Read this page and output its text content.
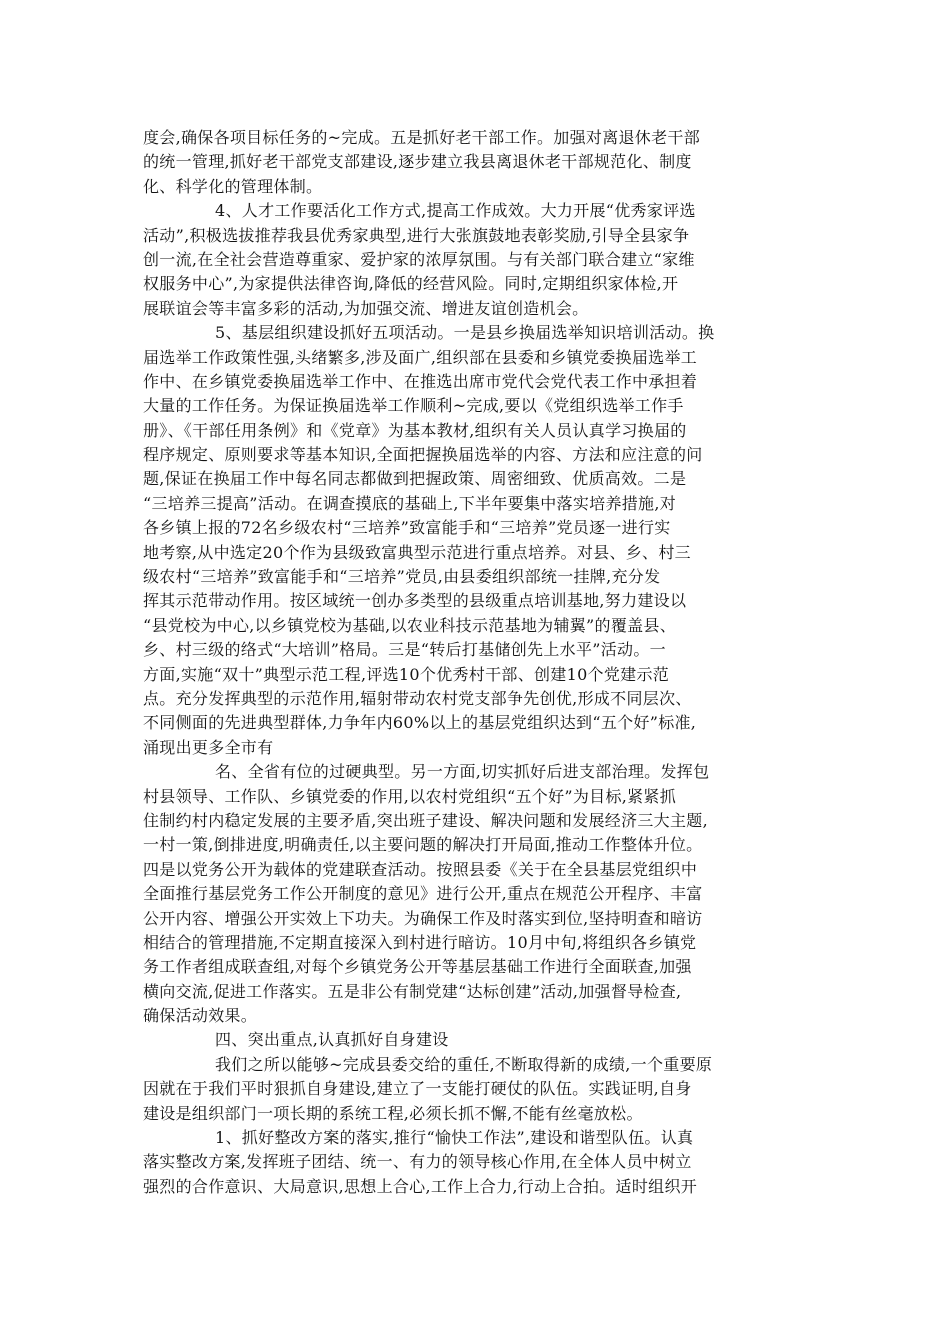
度会,确保各项目标任务的~完成。五是抓好老干部工作。加强对离退休老干部
的统一管理,抓好老干部党支部建设,逐步建立我县离退休老干部规范化、制度
化、科学化的管理体制。
4、人才工作要活化工作方式,提高工作成效。大力开展“优秀家评选
活动”,积极选拔推荐我县优秀家典型,进行大张旗鼓地表彰奖励,引导全县家争
创一流,在全社会营造尊重家、爱护家的浓厚氛围。与有关部门联合建立“家维
权服务中心”,为家提供法律咨询,降低的经营风险。同时,定期组织家体检,开
展联谊会等丰富多彩的活动,为加强交流、增进友谊创造机会。
5、基层组织建设抓好五项活动。一是县乡换届选举知识培训活动。换
届选举工作政策性强,头绪繁多,涉及面广,组织部在县委和乡镇党委换届选举工
作中、在乡镇党委换届选举工作中、在推选出席市党代会党代表工作中承担着
大量的工作任务。为保证换届选举工作顺利~完成,要以《党组织选举工作手
册》、《干部任用条例》和《党章》为基本教材,组织有关人员认真学习换届的
程序规定、原则要求等基本知识,全面把握换届选举的内容、方法和应注意的问
题,保证在换届工作中每名同志都做到把握政策、周密细致、优质高效。二是
“三培养三提高”活动。在调查摸底的基础上,下半年要集中落实培养措施,对
各乡镇上报的72名乡级农村“三培养”致富能手和“三培养”党员逐一进行实
地考察,从中选定20个作为县级致富典型示范进行重点培养。对县、乡、村三
级农村“三培养”致富能手和“三培养”党员,由县委组织部统一挂牌,充分发
挥其示范带动作用。按区域统一创办多类型的县级重点培训基地,努力建设以
“县党校为中心,以乡镇党校为基础,以农业科技示范基地为辅翼”的覆盖县、
乡、村三级的络式“大培训”格局。三是“转后打基储创先上水平”活动。一
方面,实施“双十”典型示范工程,评选10个优秀村干部、创建10个党建示范
点。充分发挥典型的示范作用,辐射带动农村党支部争先创优,形成不同层次、
不同侧面的先进典型群体,力争年内60%以上的基层党组织达到“五个好”标准,
涌现出更多全市有
名、全省有位的过硬典型。另一方面,切实抓好后进支部治理。发挥包
村县领导、工作队、乡镇党委的作用,以农村党组织“五个好”为目标,紧紧抓
住制约村内稳定发展的主要矛盾,突出班子建设、解决问题和发展经济三大主题,
一村一策,倒排进度,明确责任,以主要问题的解决打开局面,推动工作整体升位。
四是以党务公开为载体的党建联查活动。按照县委《关于在全县基层党组织中
全面推行基层党务工作公开制度的意见》进行公开,重点在规范公开程序、丰富
公开内容、增强公开实效上下功夫。为确保工作及时落实到位,坚持明查和暗访
相结合的管理措施,不定期直接深入到村进行暗访。10月中旬,将组织各乡镇党
务工作者组成联查组,对每个乡镇党务公开等基层基础工作进行全面联查,加强
横向交流,促进工作落实。五是非公有制党建“达标创建”活动,加强督导检查,
确保活动效果。
四、突出重点,认真抓好自身建设
我们之所以能够~完成县委交给的重任,不断取得新的成绩,一个重要原
因就在于我们平时狠抓自身建设,建立了一支能打硬仗的队伍。实践证明,自身
建设是组织部门一项长期的系统工程,必须长抓不懈,不能有丝毫放松。
1、抓好整改方案的落实,推行“愉快工作法”,建设和谐型队伍。认真
落实整改方案,发挥班子团结、统一、有力的领导核心作用,在全体人员中树立
强烈的合作意识、大局意识,思想上合心,工作上合力,行动上合拍。适时组织开
